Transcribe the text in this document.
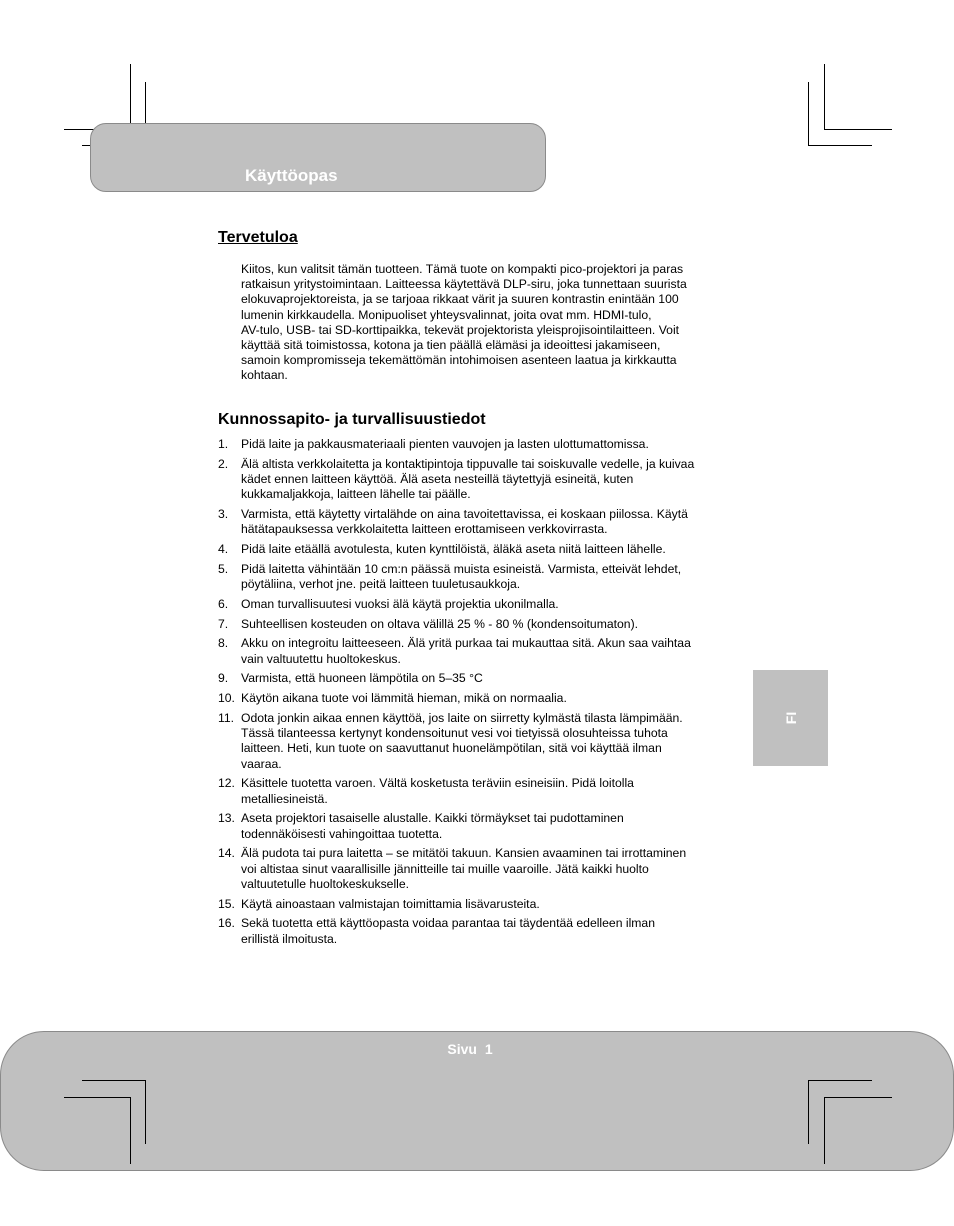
Käyttöopas
Tervetuloa
Kiitos, kun valitsit tämän tuotteen. Tämä tuote on kompakti pico-projektori ja paras
ratkaisun yritystoimintaan. Laitteessa käytettävä DLP-siru, joka tunnettaan suurista
elokuvaprojektoreista, ja se tarjoaa rikkaat värit ja suuren kontrastin enintään 100
lumenin kirkkaudella. Monipuoliset yhteysvalinnat, joita ovat mm. HDMI-tulo,
AV-tulo, USB- tai SD-korttipaikka, tekevät projektorista yleisprojisointilaitteen. Voit
käyttää sitä toimistossa, kotona ja tien päällä elämäsi ja ideoittesi jakamiseen,
samoin kompromisseja tekemättömän intohimoisen asenteen laatua ja kirkkautta
kohtaan.
Kunnossapito- ja turvallisuustiedot
1.	Pidä laite ja pakkausmateriaali pienten vauvojen ja lasten ulottumattomissa.
2.	Älä altista verkkolaitetta ja kontaktipintoja tippuvalle tai soiskuvalle vedelle, ja kuivaa
kädet ennen laitteen käyttöä. Älä aseta nesteillä täytettyjä esineitä, kuten
kukkamaljakkoja, laitteen lähelle tai päälle.
3.	Varmista, että käytetty virtalähde on aina tavoitettavissa, ei koskaan piilossa. Käytä
hätätapauksessa verkkolaitetta laitteen erottamiseen verkkovirrasta.
4.	Pidä laite etäällä avotulesta, kuten kynttilöistä, äläkä aseta niitä laitteen lähelle.
5.	Pidä laitetta vähintään 10 cm:n päässä muista esineistä. Varmista, etteivät lehdet,
pöytäliina, verhot jne. peitä laitteen tuuletusaukkoja.
6.	Oman turvallisuutesi vuoksi älä käytä projektia ukonilmalla.
7.	Suhteellisen kosteuden on oltava välillä 25 % - 80 % (kondensoitumaton).
8.	Akku on integroitu laitteeseen. Älä yritä purkaa tai mukauttaa sitä. Akun saa vaihtaa
vain valtuutettu huoltokeskus.
9.	Varmista, että huoneen lämpötila on 5–35 °C
10. Käytön aikana tuote voi lämmitä hieman, mikä on normaalia.
11. Odota jonkin aikaa ennen käyttöä, jos laite on siirretty kylmästä tilasta lämpimään.
Tässä tilanteessa kertynyt kondensoitunut vesi voi tietyissä olosuhteissa tuhota
laitteen. Heti, kun tuote on saavuttanut huonelämpötilan, sitä voi käyttää ilman
vaaraa.
12. Käsittele tuotetta varoen. Vältä kosketusta teräviin esineisiin. Pidä loitolla
metalliesineistä.
13. Aseta projektori tasaiselle alustalle. Kaikki törmäykset tai pudottaminen
todennäköisesti vahingoittaa tuotetta.
14. Älä pudota tai pura laitetta – se mitätöi takuun. Kansien avaaminen tai irrottaminen
voi altistaa sinut vaarallisille jännitteille tai muille vaaroille. Jätä kaikki huolto
valtuutetulle huoltokeskukselle.
15. Käytä ainoastaan valmistajan toimittamia lisävarusteita.
16. Sekä tuotetta että käyttöopasta voidaa parantaa tai täydentää edelleen ilman
erillistä ilmoitusta.
FI
Sivu 1
